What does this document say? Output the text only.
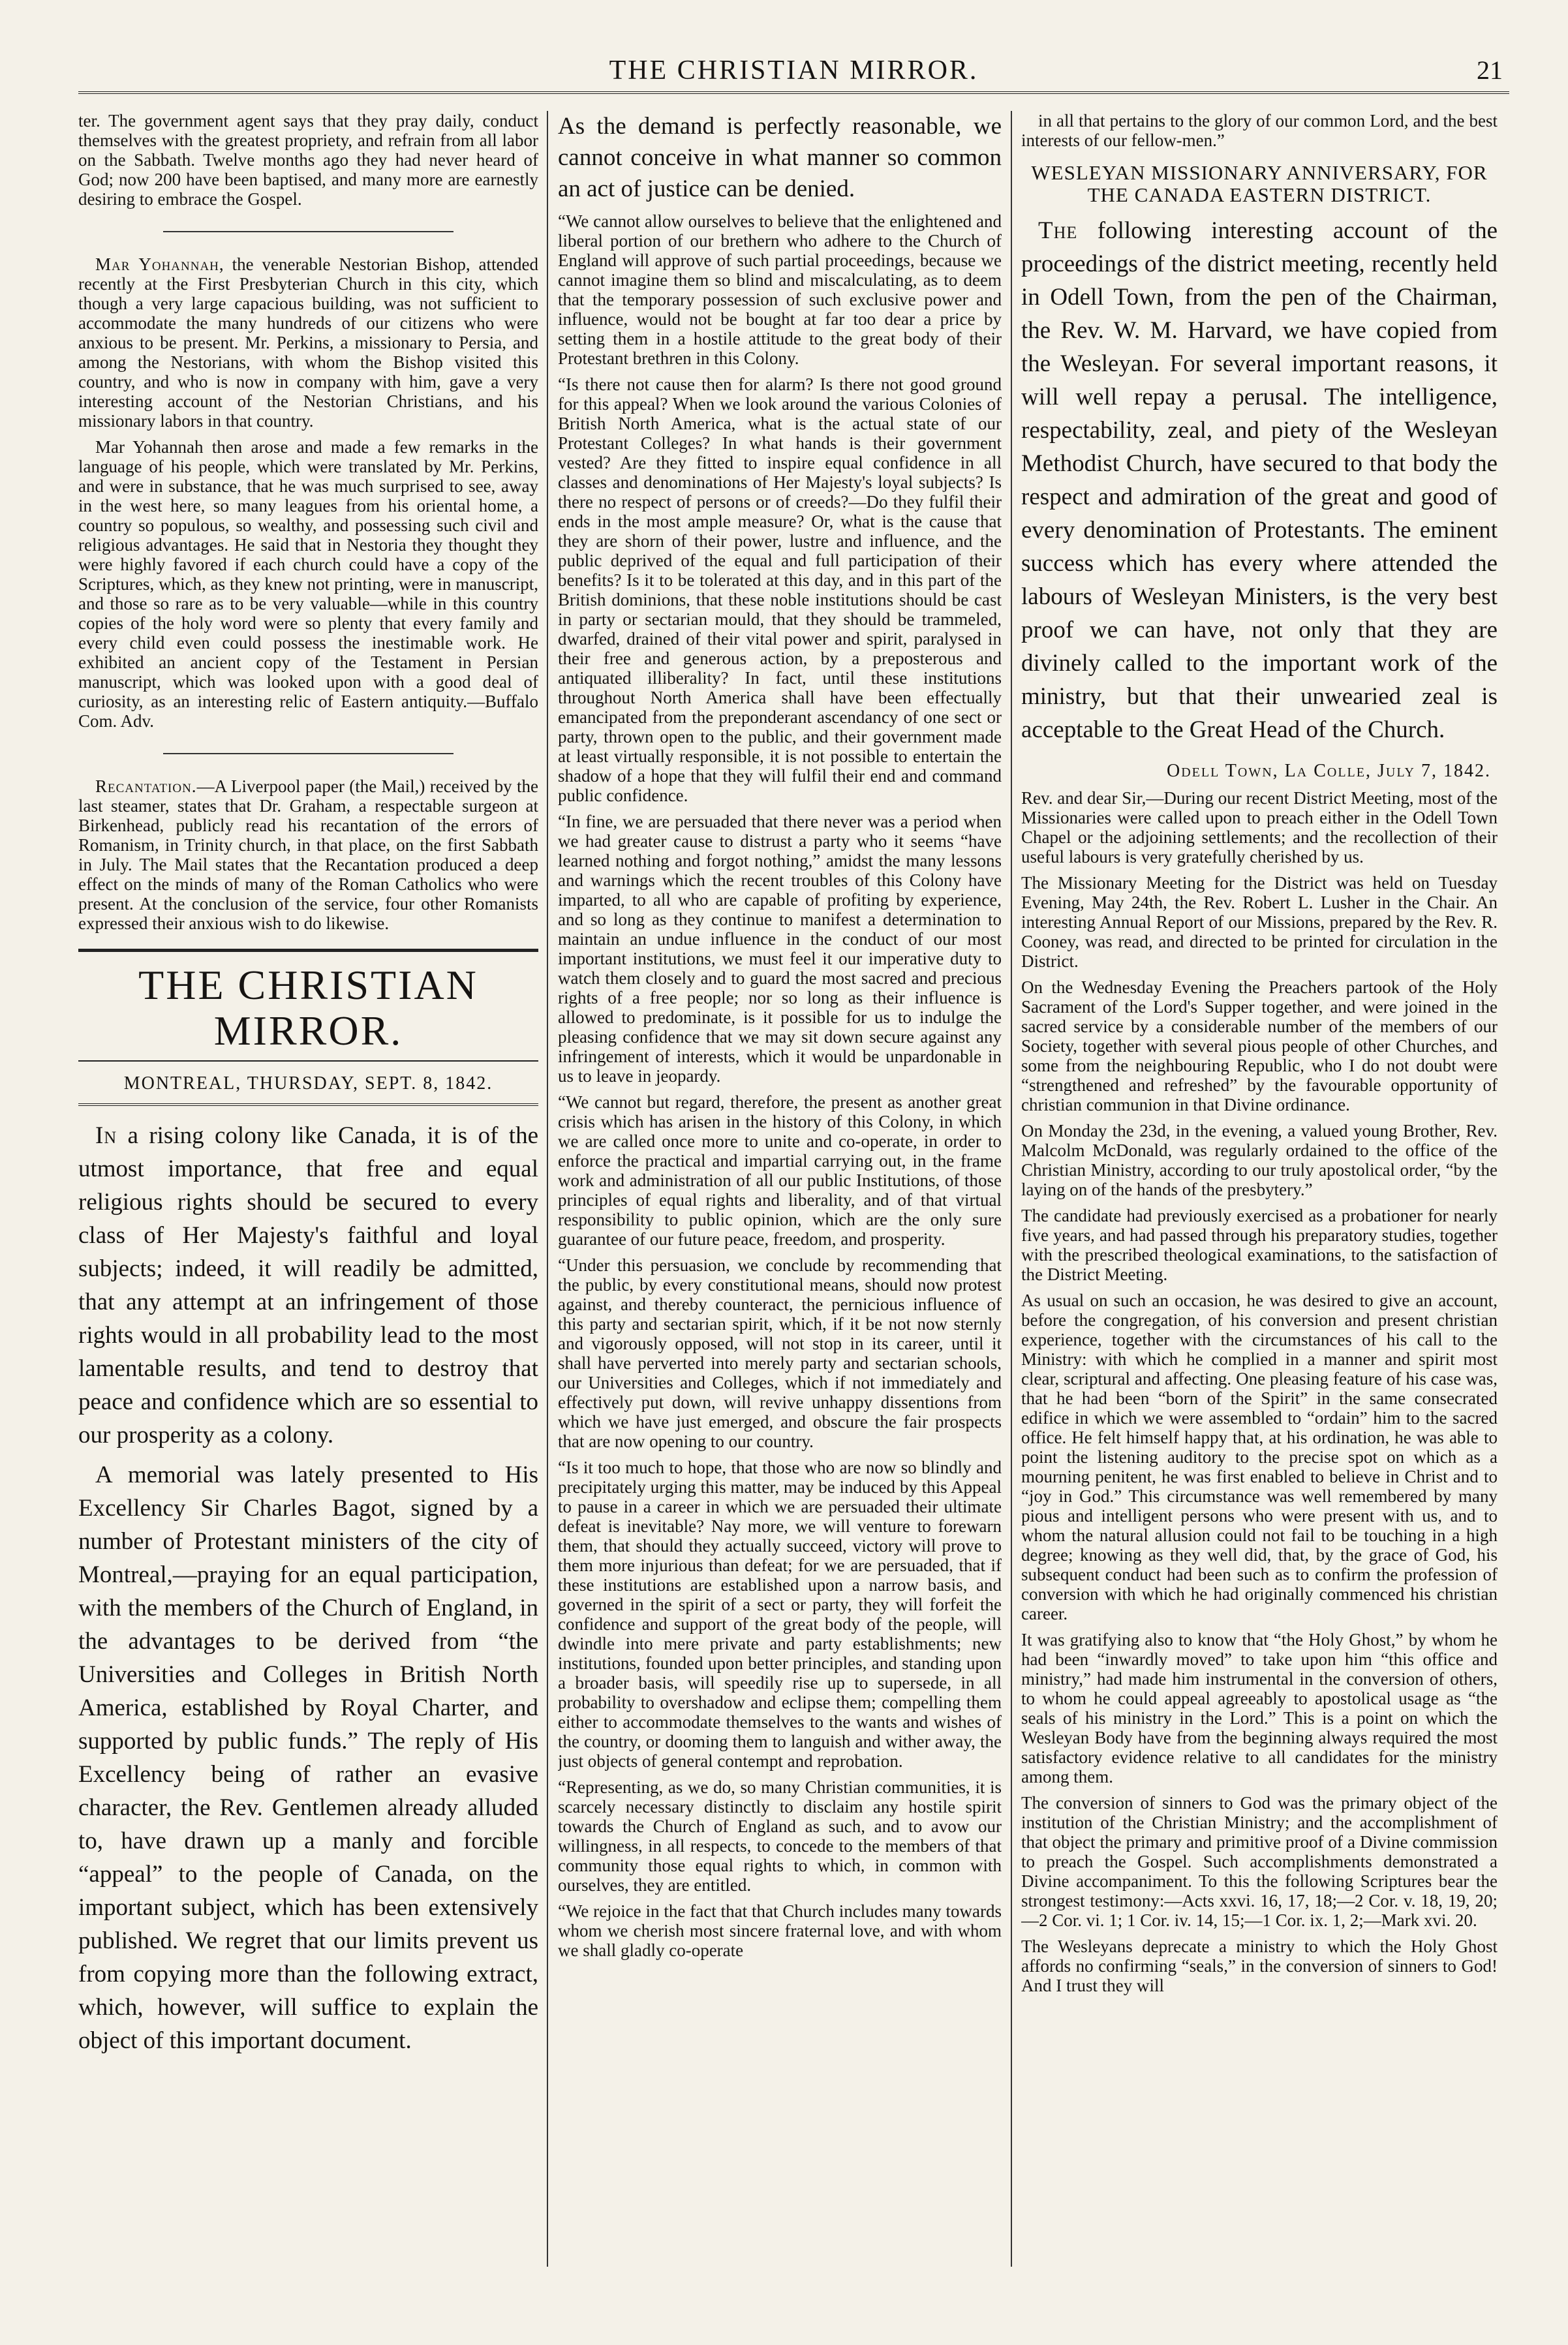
THE CHRISTIAN MIRROR.	21

ter. The government agent says that they pray daily, conduct themselves with the greatest propriety, and refrain from all labor on the Sabbath. Twelve months ago they had never heard of God; now 200 have been baptised, and many more are earnestly desiring to embrace the Gospel.

Mar Yohannah, the venerable Nestorian Bishop, attended recently at the First Presbyterian Church in this city, which though a very large capacious building, was not sufficient to accommodate the many hundreds of our citizens who were anxious to be present. Mr. Perkins, a missionary to Persia, and among the Nestorians, with whom the Bishop visited this country, and who is now in company with him, gave a very interesting account of the Nestorian Christians, and his missionary labors in that country.

Mar Yohannah then arose and made a few remarks in the language of his people, which were translated by Mr. Perkins, and were in substance, that he was much surprised to see, away in the west here, so many leagues from his oriental home, a country so populous, so wealthy, and possessing such civil and religious advantages. He said that in Nestoria they thought they were highly favored if each church could have a copy of the Scriptures, which, as they knew not printing, were in manuscript, and those so rare as to be very valuable—while in this country copies of the holy word were so plenty that every family and every child even could possess the inestimable work. He exhibited an ancient copy of the Testament in Persian manuscript, which was looked upon with a good deal of curiosity, as an interesting relic of Eastern antiquity.—Buffalo Com. Adv.

Recantation.—A Liverpool paper (the Mail,) received by the last steamer, states that Dr. Graham, a respectable surgeon at Birkenhead, publicly read his recantation of the errors of Romanism, in Trinity church, in that place, on the first Sabbath in July. The Mail states that the Recantation produced a deep effect on the minds of many of the Roman Catholics who were present. At the conclusion of the service, four other Romanists expressed their anxious wish to do likewise.

THE CHRISTIAN MIRROR.
MONTREAL, THURSDAY, SEPT. 8, 1842.

In a rising colony like Canada, it is of the utmost importance, that free and equal religious rights should be secured to every class of Her Majesty's faithful and loyal subjects; indeed, it will readily be admitted, that any attempt at an infringement of those rights would in all probability lead to the most lamentable results, and tend to destroy that peace and confidence which are so essential to our prosperity as a colony.

A memorial was lately presented to His Excellency Sir Charles Bagot, signed by a number of Protestant ministers of the city of Montreal,—praying for an equal participation, with the members of the Church of England, in the advantages to be derived from “the Universities and Colleges in British North America, established by Royal Charter, and supported by public funds.” The reply of His Excellency being of rather an evasive character, the Rev. Gentlemen already alluded to, have drawn up a manly and forcible “appeal” to the people of Canada, on the important subject, which has been extensively published. We regret that our limits prevent us from copying more than the following extract, which, however, will suffice to explain the object of this important document.

As the demand is perfectly reasonable, we cannot conceive in what manner so common an act of justice can be denied.

“We cannot allow ourselves to believe that the enlightened and liberal portion of our brethern who adhere to the Church of England will approve of such partial proceedings, because we cannot imagine them so blind and miscalculating, as to deem that the temporary possession of such exclusive power and influence, would not be bought at far too dear a price by setting them in a hostile attitude to the great body of their Protestant brethren in this Colony.

“Is there not cause then for alarm? Is there not good ground for this appeal? When we look around the various Colonies of British North America, what is the actual state of our Protestant Colleges? In what hands is their government vested? Are they fitted to inspire equal confidence in all classes and denominations of Her Majesty's loyal subjects? Is there no respect of persons or of creeds?—Do they fulfil their ends in the most ample measure? Or, what is the cause that they are shorn of their power, lustre and influence, and the public deprived of the equal and full participation of their benefits? Is it to be tolerated at this day, and in this part of the British dominions, that these noble institutions should be cast in party or sectarian mould, that they should be trammeled, dwarfed, drained of their vital power and spirit, paralysed in their free and generous action, by a preposterous and antiquated illiberality? In fact, until these institutions throughout North America shall have been effectually emancipated from the preponderant ascendancy of one sect or party, thrown open to the public, and their government made at least virtually responsible, it is not possible to entertain the shadow of a hope that they will fulfil their end and command public confidence.

“In fine, we are persuaded that there never was a period when we had greater cause to distrust a party who it seems “have learned nothing and forgot nothing,” amidst the many lessons and warnings which the recent troubles of this Colony have imparted, to all who are capable of profiting by experience, and so long as they continue to manifest a determination to maintain an undue influence in the conduct of our most important institutions, we must feel it our imperative duty to watch them closely and to guard the most sacred and precious rights of a free people; nor so long as their influence is allowed to predominate, is it possible for us to indulge the pleasing confidence that we may sit down secure against any infringement of interests, which it would be unpardonable in us to leave in jeopardy.

“We cannot but regard, therefore, the present as another great crisis which has arisen in the history of this Colony, in which we are called once more to unite and co-operate, in order to enforce the practical and impartial carrying out, in the frame work and administration of all our public Institutions, of those principles of equal rights and liberality, and of that virtual responsibility to public opinion, which are the only sure guarantee of our future peace, freedom, and prosperity.

“Under this persuasion, we conclude by recommending that the public, by every constitutional means, should now protest against, and thereby counteract, the pernicious influence of this party and sectarian spirit, which, if it be not now sternly and vigorously opposed, will not stop in its career, until it shall have perverted into merely party and sectarian schools, our Universities and Colleges, which if not immediately and effectively put down, will revive unhappy dissentions from which we have just emerged, and obscure the fair prospects that are now opening to our country.

“Is it too much to hope, that those who are now so blindly and precipitately urging this matter, may be induced by this Appeal to pause in a career in which we are persuaded their ultimate defeat is inevitable? Nay more, we will venture to forewarn them, that should they actually succeed, victory will prove to them more injurious than defeat; for we are persuaded, that if these institutions are established upon a narrow basis, and governed in the spirit of a sect or party, they will forfeit the confidence and support of the great body of the people, will dwindle into mere private and party establishments; new institutions, founded upon better principles, and standing upon a broader basis, will speedily rise up to supersede, in all probability to overshadow and eclipse them; compelling them either to accommodate themselves to the wants and wishes of the country, or dooming them to languish and wither away, the just objects of general contempt and reprobation.

“Representing, as we do, so many Christian communities, it is scarcely necessary distinctly to disclaim any hostile spirit towards the Church of England as such, and to avow our willingness, in all respects, to concede to the members of that community those equal rights to which, in common with ourselves, they are entitled.

“We rejoice in the fact that that Church includes many towards whom we cherish most sincere fraternal love, and with whom we shall gladly co-operate

in all that pertains to the glory of our common Lord, and the best interests of our fellow-men.”

WESLEYAN MISSIONARY ANNIVERSARY, FOR THE CANADA EASTERN DISTRICT.

The following interesting account of the proceedings of the district meeting, recently held in Odell Town, from the pen of the Chairman, the Rev. W. M. Harvard, we have copied from the Wesleyan. For several important reasons, it will well repay a perusal. The intelligence, respectability, zeal, and piety of the Wesleyan Methodist Church, have secured to that body the respect and admiration of the great and good of every denomination of Protestants. The eminent success which has every where attended the labours of Wesleyan Ministers, is the very best proof we can have, not only that they are divinely called to the important work of the ministry, but that their unwearied zeal is acceptable to the Great Head of the Church.

Odell Town, La Colle, July 7, 1842.

Rev. and dear Sir,—During our recent District Meeting, most of the Missionaries were called upon to preach either in the Odell Town Chapel or the adjoining settlements; and the recollection of their useful labours is very gratefully cherished by us.

The Missionary Meeting for the District was held on Tuesday Evening, May 24th, the Rev. Robert L. Lusher in the Chair. An interesting Annual Report of our Missions, prepared by the Rev. R. Cooney, was read, and directed to be printed for circulation in the District.

On the Wednesday Evening the Preachers partook of the Holy Sacrament of the Lord's Supper together, and were joined in the sacred service by a considerable number of the members of our Society, together with several pious people of other Churches, and some from the neighbouring Republic, who I do not doubt were “strengthened and refreshed” by the favourable opportunity of christian communion in that Divine ordinance.

On Monday the 23d, in the evening, a valued young Brother, Rev. Malcolm McDonald, was regularly ordained to the office of the Christian Ministry, according to our truly apostolical order, “by the laying on of the hands of the presbytery.”

The candidate had previously exercised as a probationer for nearly five years, and had passed through his preparatory studies, together with the prescribed theological examinations, to the satisfaction of the District Meeting.

As usual on such an occasion, he was desired to give an account, before the congregation, of his conversion and present christian experience, together with the circumstances of his call to the Ministry: with which he complied in a manner and spirit most clear, scriptural and affecting. One pleasing feature of his case was, that he had been “born of the Spirit” in the same consecrated edifice in which we were assembled to “ordain” him to the sacred office. He felt himself happy that, at his ordination, he was able to point the listening auditory to the precise spot on which as a mourning penitent, he was first enabled to believe in Christ and to “joy in God.” This circumstance was well remembered by many pious and intelligent persons who were present with us, and to whom the natural allusion could not fail to be touching in a high degree; knowing as they well did, that, by the grace of God, his subsequent conduct had been such as to confirm the profession of conversion with which he had originally commenced his christian career.

It was gratifying also to know that “the Holy Ghost,” by whom he had been “inwardly moved” to take upon him “this office and ministry,” had made him instrumental in the conversion of others, to whom he could appeal agreeably to apostolical usage as “the seals of his ministry in the Lord.” This is a point on which the Wesleyan Body have from the beginning always required the most satisfactory evidence relative to all candidates for the ministry among them.

The conversion of sinners to God was the primary object of the institution of the Christian Ministry; and the accomplishment of that object the primary and primitive proof of a Divine commission to preach the Gospel. Such accomplishments demonstrated a Divine accompaniment. To this the following Scriptures bear the strongest testimony:—Acts xxvi. 16, 17, 18;—2 Cor. v. 18, 19, 20;—2 Cor. vi. 1; 1 Cor. iv. 14, 15;—1 Cor. ix. 1, 2;—Mark xvi. 20.

The Wesleyans deprecate a ministry to which the Holy Ghost affords no confirming “seals,” in the conversion of sinners to God! And I trust they will
